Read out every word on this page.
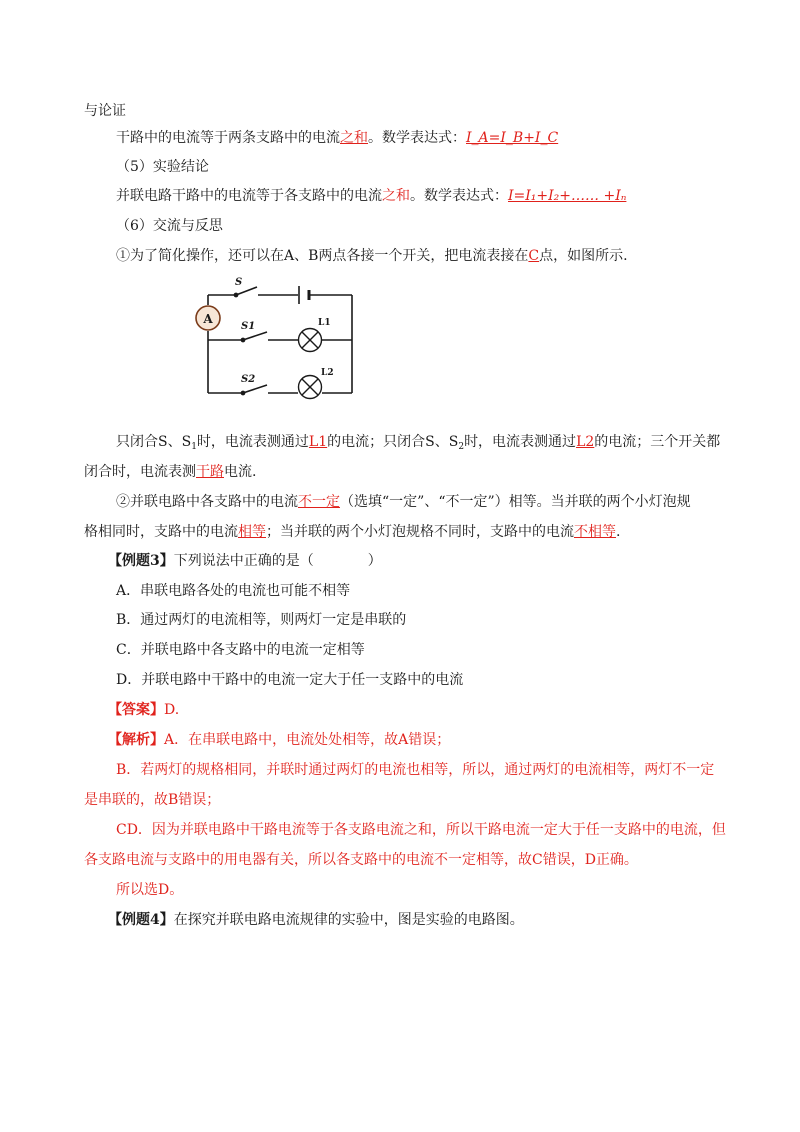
与论证
干路中的电流等于两条支路中的电流之和。数学表达式：I_A=I_B+I_C
（5）实验结论
并联电路干路中的电流等于各支路中的电流之和。数学表达式：I=I₁+I₂+…… +Iₙ
（6）交流与反思
①为了简化操作，还可以在A、B两点各接一个开关，把电流表接在C点，如图所示.
A
S
S1
S2
L1
L2
只闭合S、$S_1$时，电流表测通过L1的电流；只闭合S、$S_2$时，电流表测通过L2的电流；三个开关都
闭合时，电流表测干路电流.
②并联电路中各支路中的电流不一定（选填“一定”、“不一定”）相等。当并联的两个小灯泡规
格相同时，支路中的电流相等；当并联的两个小灯泡规格不同时，支路中的电流不相等.
【例题3】下列说法中正确的是（	）
A．串联电路各处的电流也可能不相等
B．通过两灯的电流相等，则两灯一定是串联的
C．并联电路中各支路中的电流一定相等
D．并联电路中干路中的电流一定大于任一支路中的电流
【答案】D.
【解析】A．在串联电路中，电流处处相等，故A错误；
B．若两灯的规格相同，并联时通过两灯的电流也相等，所以，通过两灯的电流相等，两灯不一定
是串联的，故B错误；
CD．因为并联电路中干路电流等于各支路电流之和，所以干路电流一定大于任一支路中的电流，但
各支路电流与支路中的用电器有关，所以各支路中的电流不一定相等，故C错误，D正确。
所以选D。
【例题4】在探究并联电路电流规律的实验中，图是实验的电路图。
